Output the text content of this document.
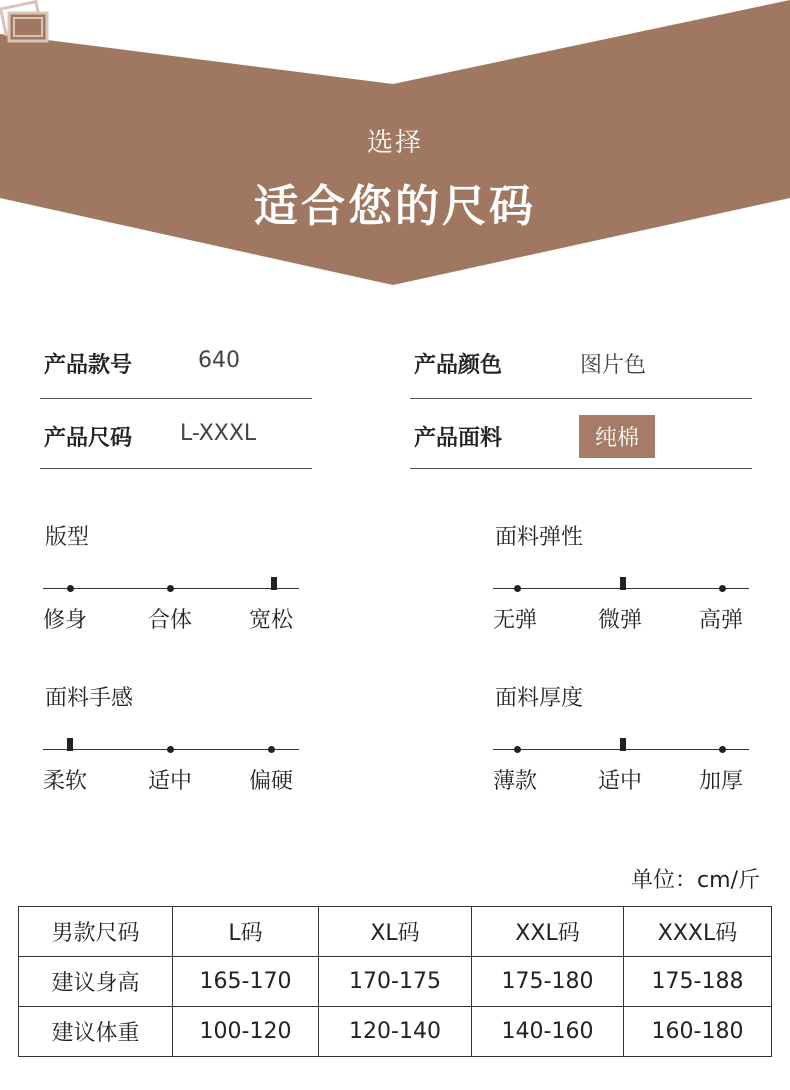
选择
适合您的尺码
产品款号	640	产品颜色	图片色
产品尺码 L-XXXL	产品面料	纯棉
版型
修身	合体	宽松
面料弹性
无弹	微弹	高弹
面料手感
柔软	适中	偏硬
面料厚度
薄款	适中	加厚
单位：cm/斤
男款尺码	L码	XL码	XXL码	XXXL码
建议身高	165-170	170-175	175-180	175-188
建议体重	100-120	120-140	140-160	160-180
